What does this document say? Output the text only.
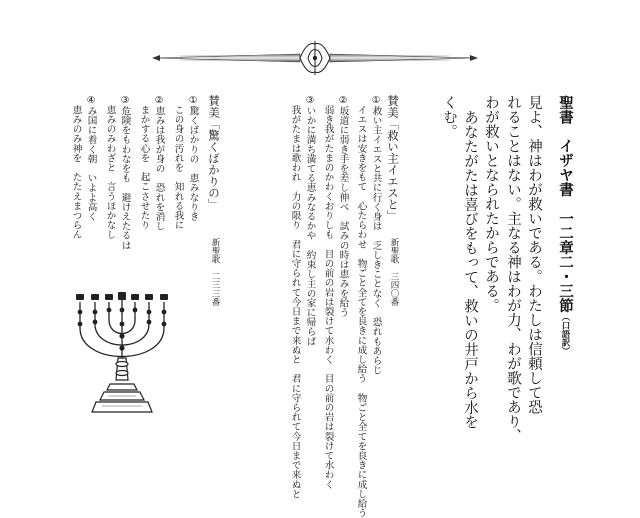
聖書　イザヤ書　一二章二・三節（口語訳）
見よ、神はわが救いである。わたしは信頼して恐
れることはない。主なる神はわが力、わが歌であり、
わが救いとなられたからである。
あなたがたは喜びをもって、救いの井戸から水を
くむ。
賛美「救い主イエスと」
新聖歌　三四〇番
①救い主イエスと共に行く身は　乏しきことなく　恐れもあらじ
イエスは安きをもて　心たらわせ　物ごと全てを良きに成し給う　物ごと全てを良きに成し給う
②坂道に弱き手を差し伸べ　試みの時は恵みを給う
弱き我がたまのかわくおりしも　目の前の岩は裂けて水わく　目の前の岩は裂けて水わく
③いかに満ち満てる恵みなるかや　約束し主の家に帰らば
我がたまは歌われ　力の限り　君に守られて今日まで来ぬと　君に守られて今日まで来ぬと
賛美「驚くばかりの」
新聖歌　二三三番
①驚くばかりの　恵みなりき
この身の汚れを　知れる我に
②恵みは我が身の　恐れを消し
まかする心を　起こさせたり
③危険をもわなをも　避けえたるは
恵みのみわざと　言うほかなし
④み国に着く朝　いよよ高く
恵みのみ神を　たたえまつらん
